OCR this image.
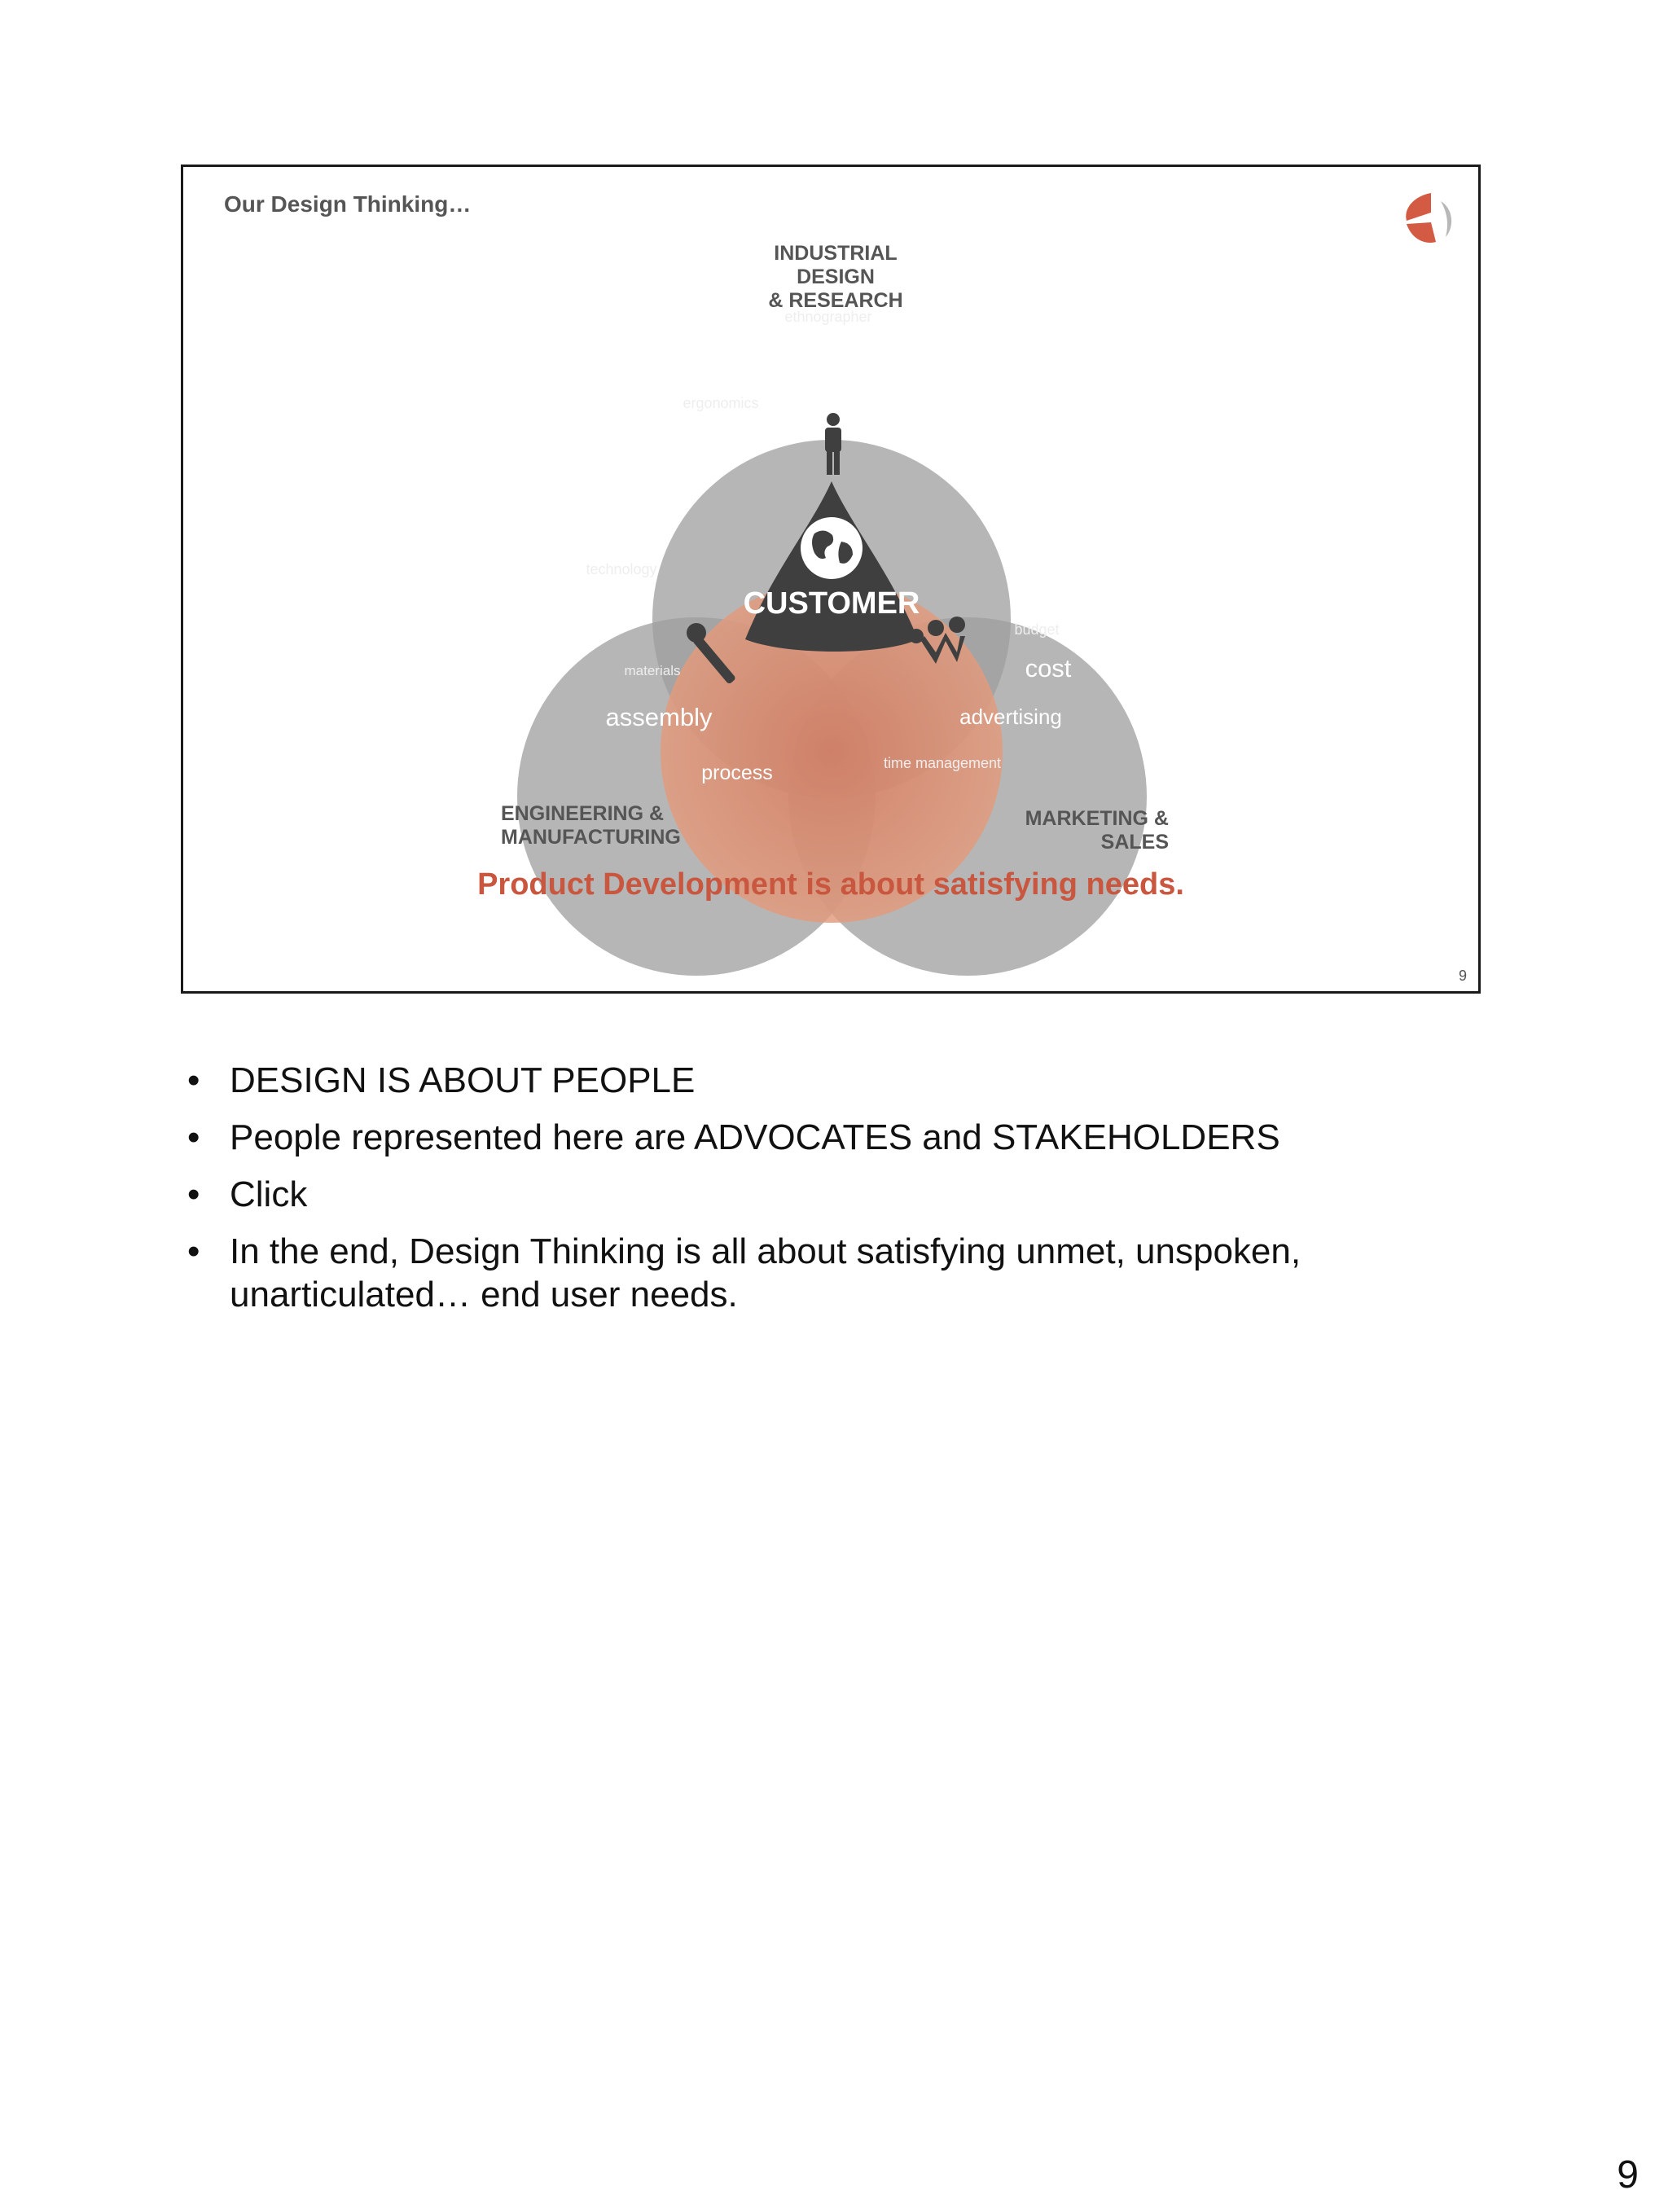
Our Design Thinking…
CUSTOMER
ethnographer
form
user interface
ergonomics	brand identity
technology
form
materials
assembly
process
time
budget
cost
advertising
time management
INDUSTRIAL DESIGN
& RESEARCH
ENGINEERING &
MANUFACTURING
MARKETING &
SALES
Product Development is about satisfying needs.
9
• DESIGN IS ABOUT PEOPLE
• People represented here are ADVOCATES and STAKEHOLDERS
• Click
• In the end, Design Thinking is all about satisfying unmet, unspoken, unarticulated… end user needs.
9
